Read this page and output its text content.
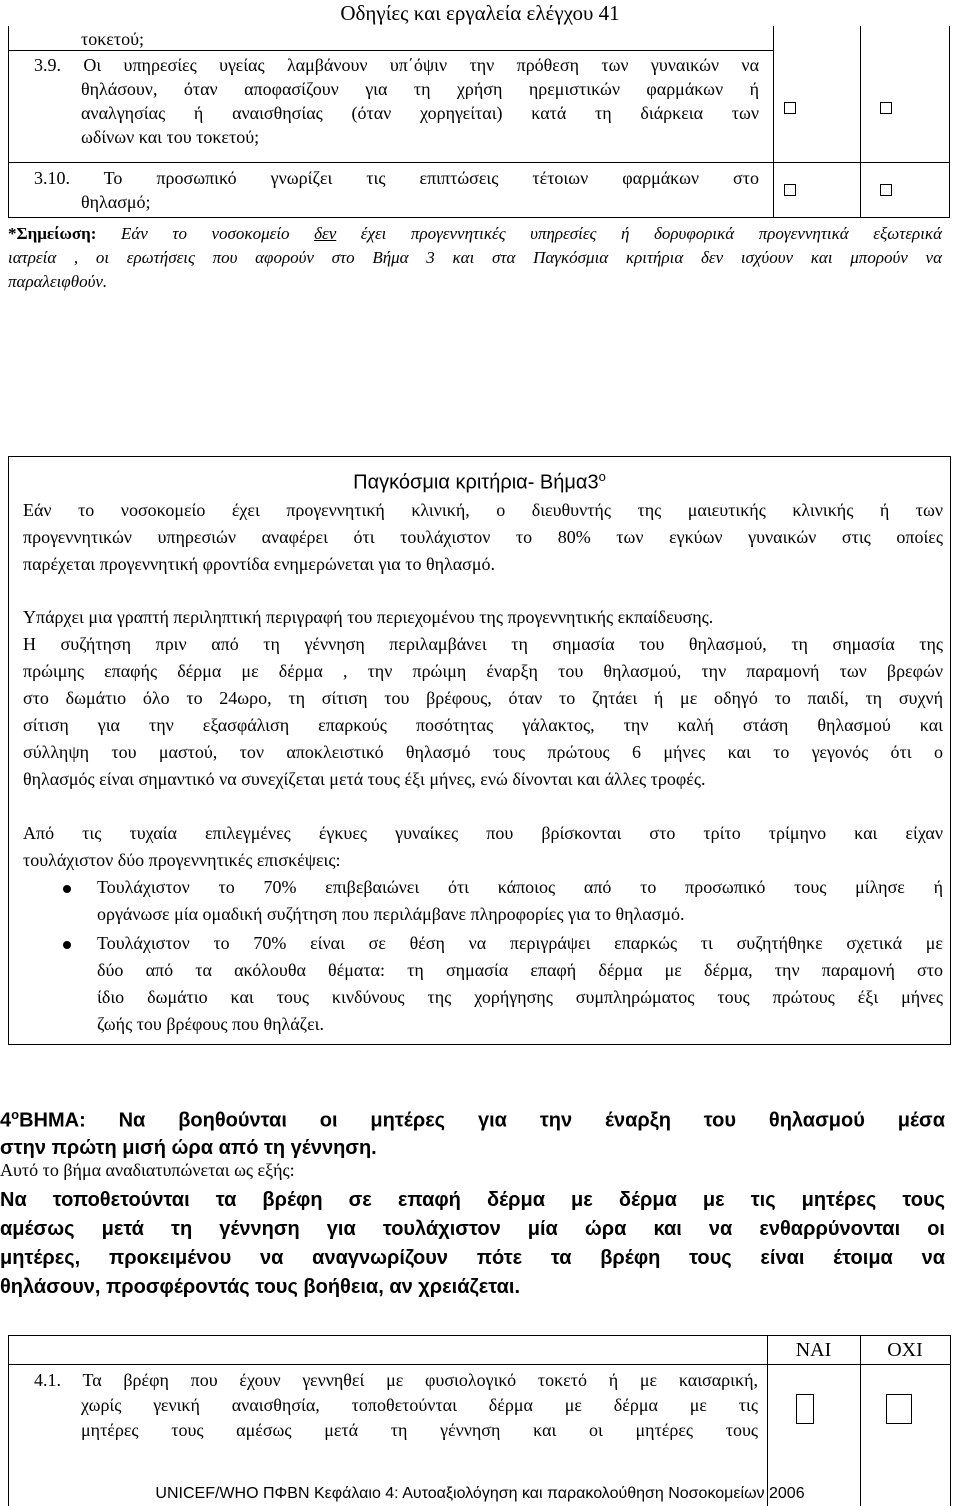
Οδηγίες και εργαλεία ελέγχου 41
τοκετού;
3.9. Οι υπηρεσίες υγείας λαμβάνουν υπ΄όψιν την πρόθεση των γυναικών να
θηλάσουν, όταν αποφασίζουν για τη χρήση ηρεμιστικών φαρμάκων ή
αναλγησίας ή αναισθησίας (όταν χορηγείται) κατά τη διάρκεια των
ωδίνων και του τοκετού;
3.10. Το προσωπικό γνωρίζει τις επιπτώσεις τέτοιων φαρμάκων στο
θηλασμό;
*Σημείωση: Εάν το νοσοκομείο δεν έχει προγεννητικές υπηρεσίες ή δορυφορικά προγεννητικά εξωτερικά
ιατρεία , οι ερωτήσεις που αφορούν στο Βήμα 3 και στα Παγκόσμια κριτήρια δεν ισχύουν και μπορούν να
παραλειφθούν.
Παγκόσμια κριτήρια- $Bή\mu\alpha 3^o$
Εάν το νοσοκομείο έχει προγεννητική κλινική, ο διευθυντής της μαιευτικής κλινικής ή των
προγεννητικών υπηρεσιών αναφέρει ότι τουλάχιστον το 80% των εγκύων γυναικών στις οποίες
παρέχεται προγεννητική φροντίδα ενημερώνεται για το θηλασμό.
Υπάρχει μια γραπτή περιληπτική περιγραφή του περιεχομένου της προγεννητικής εκπαίδευσης.
Η συζήτηση πριν από τη γέννηση περιλαμβάνει τη σημασία του θηλασμού, τη σημασία της
πρώιμης επαφής δέρμα με δέρμα , την πρώιμη έναρξη του θηλασμού, την παραμονή των βρεφών
στο δωμάτιο όλο το 24ωρο, τη σίτιση του βρέφους, όταν το ζητάει ή με οδηγό το παιδί, τη συχνή
σίτιση για την εξασφάλιση επαρκούς ποσότητας γάλακτος, την καλή στάση θηλασμού και
σύλληψη του μαστού, τον αποκλειστικό θηλασμό τους πρώτους 6 μήνες και το γεγονός ότι ο
θηλασμός είναι σημαντικό να συνεχίζεται μετά τους έξι μήνες, ενώ δίνονται και άλλες τροφές.
Από τις τυχαία επιλεγμένες έγκυες γυναίκες που βρίσκονται στο τρίτο τρίμηνο και είχαν
τουλάχιστον δύο προγεννητικές επισκέψεις:
Τουλάχιστον το 70% επιβεβαιώνει ότι κάποιος από το προσωπικό τους μίλησε ή
οργάνωσε μία ομαδική συζήτηση που περιλάμβανε πληροφορίες για το θηλασμό.
Τουλάχιστον το 70% είναι σε θέση να περιγράψει επαρκώς τι συζητήθηκε σχετικά με
δύο από τα ακόλουθα θέματα: τη σημασία επαφή δέρμα με δέρμα, την παραμονή στο
ίδιο δωμάτιο και τους κινδύνους της χορήγησης συμπληρώματος τους πρώτους έξι μήνες
ζωής του βρέφους που θηλάζει.
$4^oBHMA$: Να βοηθούνται οι μητέρες για την έναρξη του θηλασμού μέσα
στην πρώτη μισή ώρα από τη γέννηση.
Αυτό το βήμα αναδιατυπώνεται ως εξής:
Να τοποθετούνται τα βρέφη σε επαφή δέρμα με δέρμα με τις μητέρες τους
αμέσως μετά τη γέννηση για τουλάχιστον μία ώρα και να ενθαρρύνονται οι
μητέρες, προκειμένου να αναγνωρίζουν πότε τα βρέφη τους είναι έτοιμα να
θηλάσουν, προσφέροντάς τους βοήθεια, αν χρειάζεται.
ΝΑΙ	ΟΧΙ
4.1. Τα βρέφη που έχουν γεννηθεί με φυσιολογικό τοκετό ή με καισαρική,
χωρίς γενική αναισθησία, τοποθετούνται δέρμα με δέρμα με τις
μητέρες τους αμέσως μετά τη γέννηση και οι μητέρες τους
UNICEF/WHO ΠΦΒΝ Κεφάλαιο 4: Αυτοαξιολόγηση και παρακολούθηση Νοσοκομείων 2006
